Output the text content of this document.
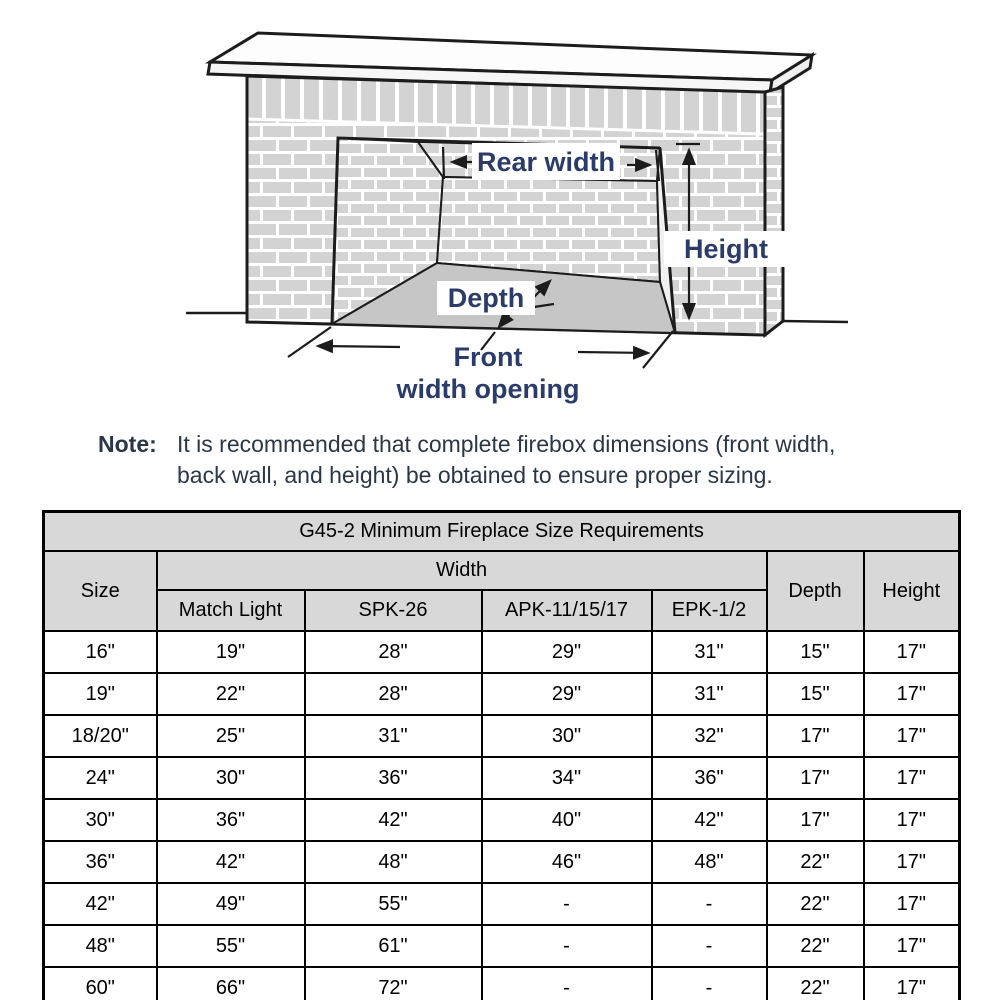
Rear width
Height
Depth
Front
width opening
Note: It is recommended that complete firebox dimensions (front width,
back wall, and height) be obtained to ensure proper sizing.
G45-2 Minimum Fireplace Size Requirements						
Size	Width				Depth	Height
	Match Light	SPK-26	APK-11/15/17	EPK-1/2		
16"	19"	28"	29"	31"	15"	17"
19"	22"	28"	29"	31"	15"	17"
18/20"	25"	31"	30"	32"	17"	17"
24"	30"	36"	34"	36"	17"	17"
30"	36"	42"	40"	42"	17"	17"
36"	42"	48"	46"	48"	22"	17"
42"	49"	55"	-	-	22"	17"
48"	55"	61"	-	-	22"	17"
60"	66"	72"	-	-	22"	17"
